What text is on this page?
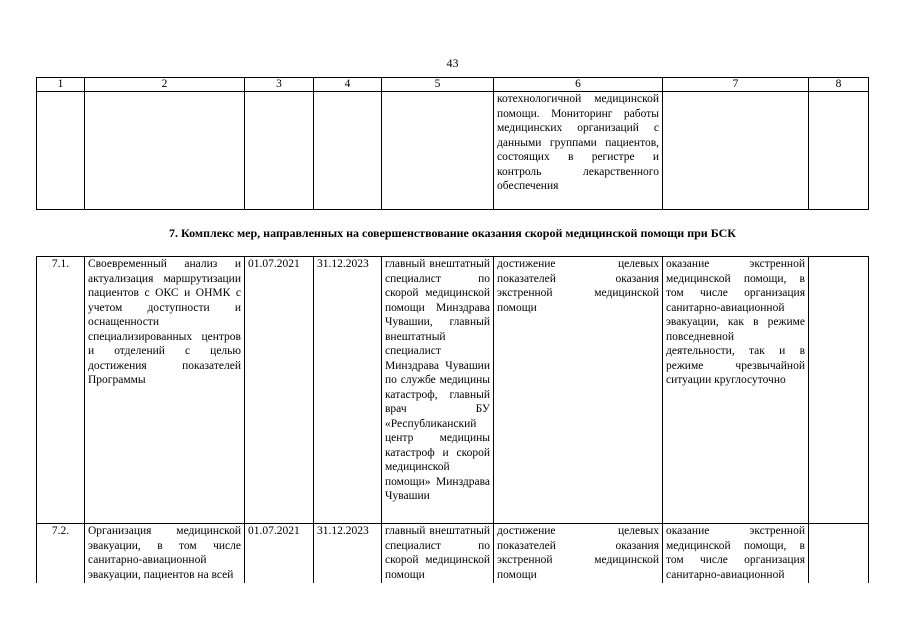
43
1	2	3	4	5	6	7	8
					котехнологичной медицинской помощи. Мониторинг работы медицинских организаций с данными группами пациентов, состоящих в регистре и контроль лекарственного обеспечения		
7. Комплекс мер, направленных на совершенствование оказания скорой медицинской помощи при БСК							
7.1.	Своевременный анализ и актуализация маршрутизации пациентов с ОКС и ОНМК с учетом доступности и оснащенности специализированных центров и отделений с целью достижения показателей Программы	01.07.2021	31.12.2023	главный внештатный специалист по скорой медицинской помощи Минздрава Чувашии, главный внештатный специалист Минздрава Чувашии по службе медицины катастроф, главный врач БУ «Республиканский центр медицины катастроф и скорой медицинской помощи» Минздрава Чувашии	достижение целевых показателей оказания экстренной медицинской помощи	оказание экстренной медицинской помощи, в том числе организация санитарно-авиационной эвакуации, как в режиме повседневной деятельности, так и в режиме чрезвычайной ситуации круглосуточно	
7.2.	Организация медицинской эвакуации, в том числе санитарно-авиационной эвакуации, пациентов на всей	01.07.2021	31.12.2023	главный внештатный специалист по скорой медицинской помощи	достижение целевых показателей оказания экстренной медицинской помощи	оказание экстренной медицинской помощи, в том числе организация санитарно-авиационной	
